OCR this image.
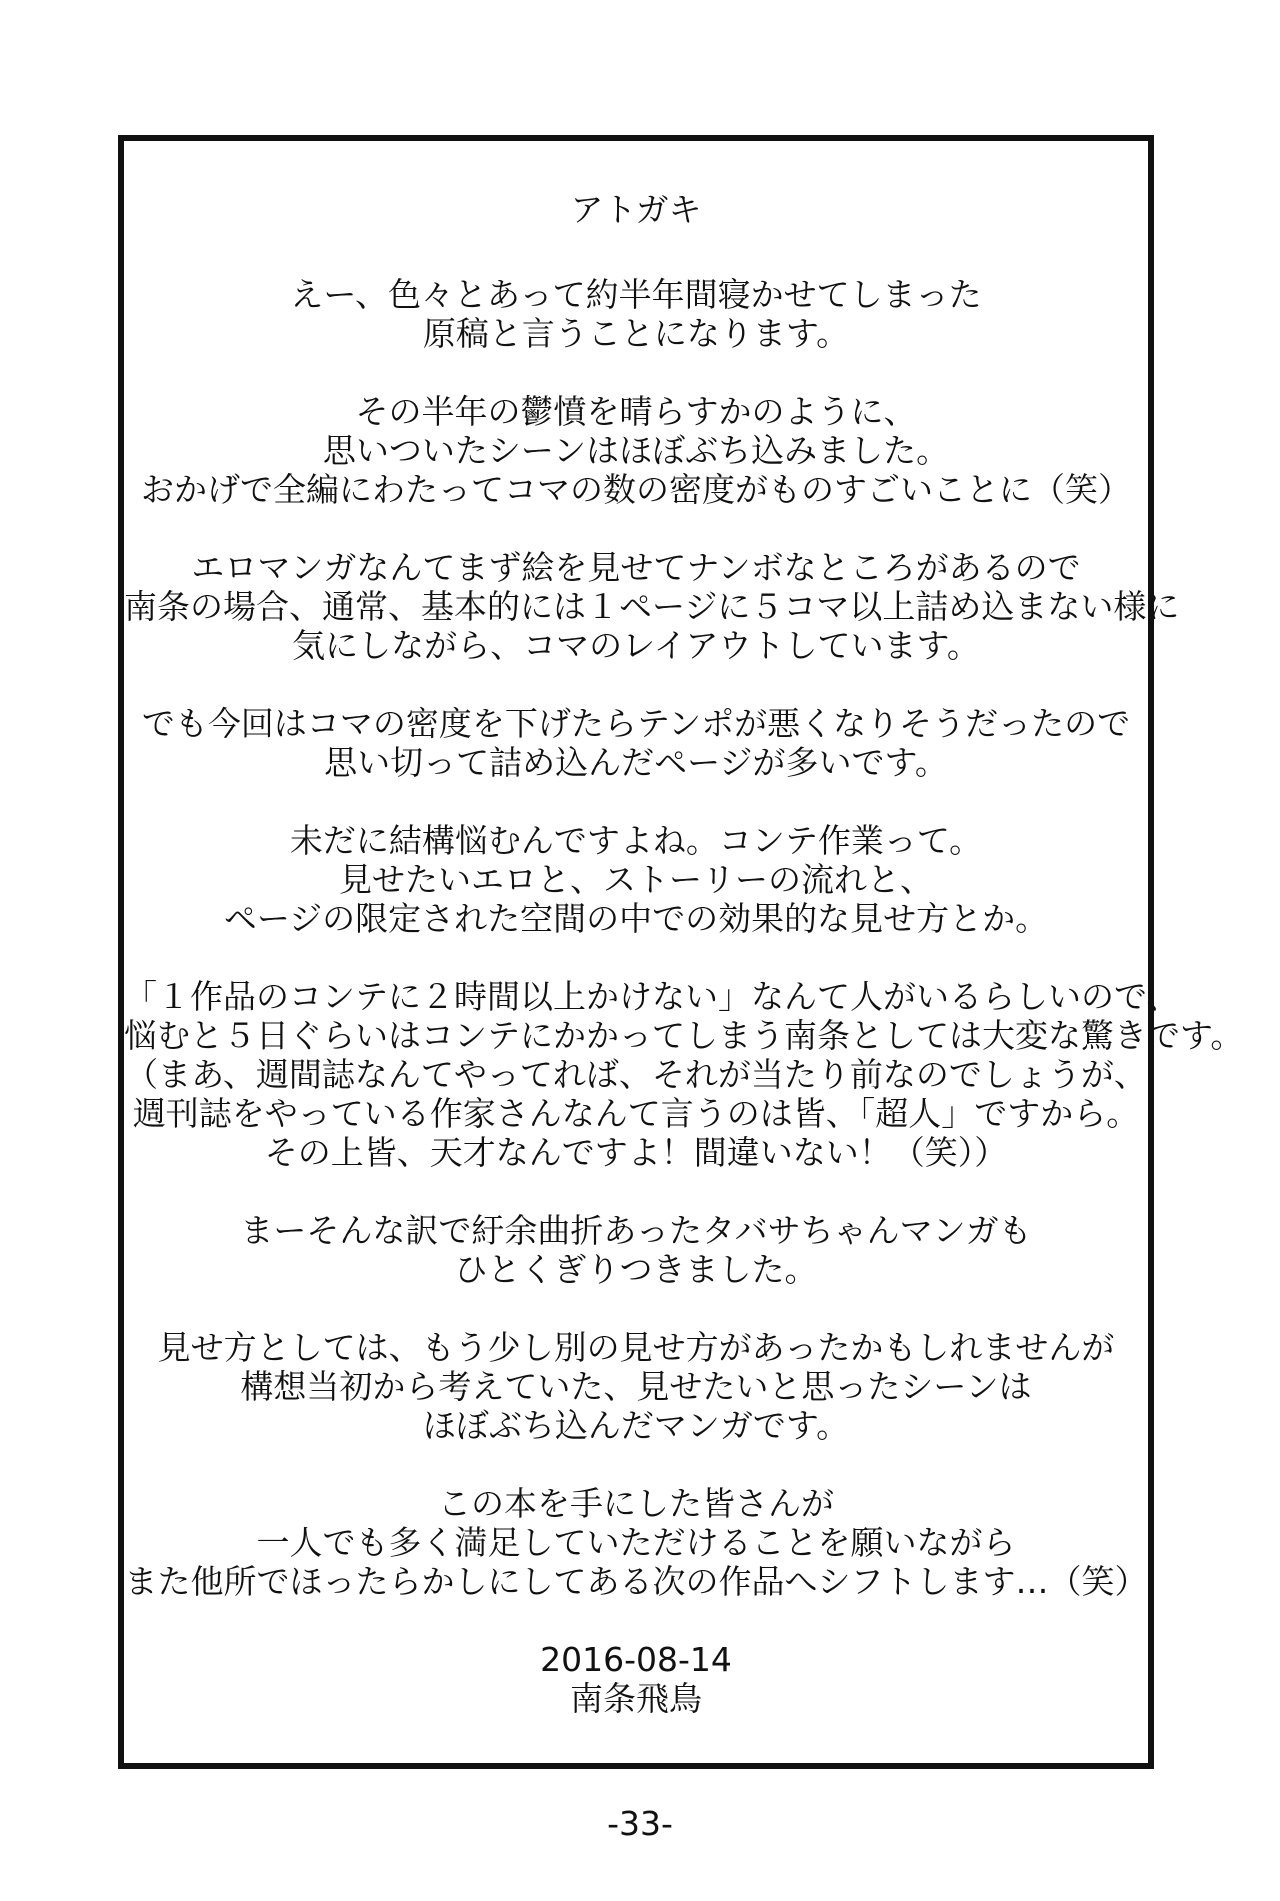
アトガキ
えー、色々とあって約半年間寝かせてしまった
原稿と言うことになります。
その半年の鬱憤を晴らすかのように、
思いついたシーンはほぼぶち込みました。
おかげで全編にわたってコマの数の密度がものすごいことに（笑）
エロマンガなんてまず絵を見せてナンボなところがあるので
南条の場合、通常、基本的には１ページに５コマ以上詰め込まない様に
気にしながら、コマのレイアウトしています。
でも今回はコマの密度を下げたらテンポが悪くなりそうだったので
思い切って詰め込んだページが多いです。
未だに結構悩むんですよね。コンテ作業って。
見せたいエロと、ストーリーの流れと、
ページの限定された空間の中での効果的な見せ方とか。
「１作品のコンテに２時間以上かけない」なんて人がいるらしいので、
悩むと５日ぐらいはコンテにかかってしまう南条としては大変な驚きです。
（まあ、週間誌なんてやってれば、それが当たり前なのでしょうが、
週刊誌をやっている作家さんなんて言うのは皆、「超人」ですから。
その上皆、天才なんですよ！間違いない！（笑））
まーそんな訳で紆余曲折あったタバサちゃんマンガも
ひとくぎりつきました。
見せ方としては、もう少し別の見せ方があったかもしれませんが
構想当初から考えていた、見せたいと思ったシーンは
ほぼぶち込んだマンガです。
この本を手にした皆さんが
一人でも多く満足していただけることを願いながら
また他所でほったらかしにしてある次の作品へシフトします…（笑）
2016-08-14
南条飛鳥
-33-
